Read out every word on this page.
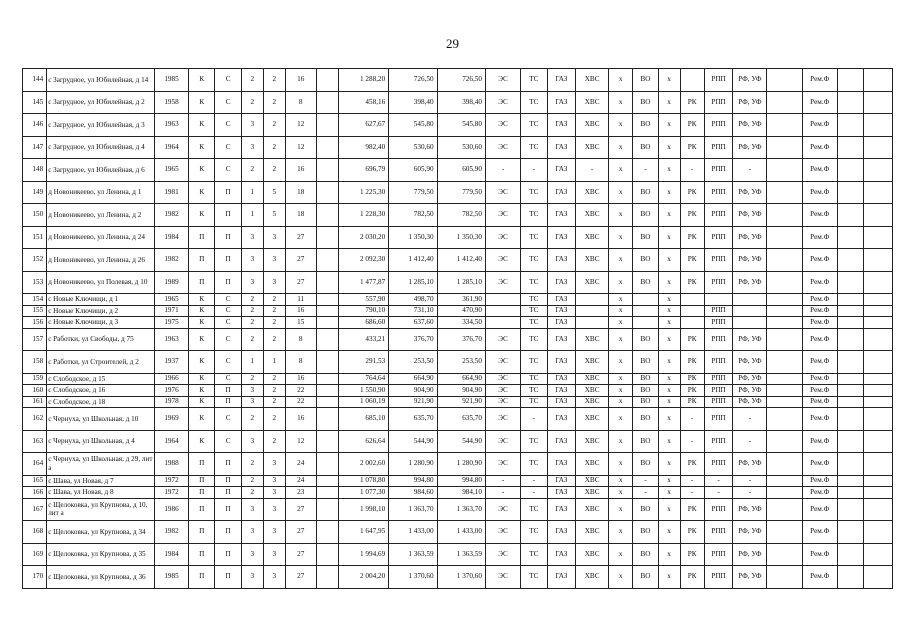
29
144	с Загрудное, ул Юбилейная, д 14	1985	К	С	2	2	16		1 288,20	726,50	726,50	ЭС	ТС	ГАЗ	ХВС	х	ВО	х		РПП	РФ, УФ		Рем.Ф		
145	с Загрудное, ул Юбилейная, д 2	1958	К	С	2	2	8		458,16	398,40	398,40	ЭС	ТС	ГАЗ	ХВС	х	ВО	х	РК	РПП	РФ, УФ		Рем.Ф		
146	с Загрудное, ул Юбилейная, д 3	1963	К	С	3	2	12		627,67	545,80	545,80	ЭС	ТС	ГАЗ	ХВС	х	ВО	х	РК	РПП	РФ, УФ		Рем.Ф		
147	с Загрудное, ул Юбилейная, д 4	1964	К	С	3	2	12		982,40	530,60	530,60	ЭС	ТС	ГАЗ	ХВС	х	ВО	х	РК	РПП	РФ, УФ		Рем.Ф		
148	с Загрудное, ул Юбилейная, д 6	1965	К	С	2	2	16		696,79	605,90	605,90	-	-	ГАЗ	-	х	-	х	-	РПП	-		Рем.Ф		
149	д Новоникеево, ул Ленина, д 1	1981	К	П	1	5	18		1 225,30	779,50	779,50	ЭС	ТС	ГАЗ	ХВС	х	ВО	х	РК	РПП	РФ, УФ		Рем.Ф		
150	д Новоникеево, ул Ленина, д 2	1982	К	П	1	5	18		1 228,30	782,50	782,50	ЭС	ТС	ГАЗ	ХВС	х	ВО	х	РК	РПП	РФ, УФ		Рем.Ф		
151	д Новоникеево, ул Ленина, д 24	1984	П	П	3	3	27		2 030,20	1 350,30	1 350,30	ЭС	ТС	ГАЗ	ХВС	х	ВО	х	РК	РПП	РФ, УФ		Рем.Ф		
152	д Новоникеево, ул Ленина, д 26	1982	П	П	3	3	27		2 092,30	1 412,40	1 412,40	ЭС	ТС	ГАЗ	ХВС	х	ВО	х	РК	РПП	РФ, УФ		Рем.Ф		
153	д Новоникеево, ул Полевая, д 10	1989	П	П	3	3	27		1 477,87	1 285,10	1 285,10	ЭС	ТС	ГАЗ	ХВС	х	ВО	х	РК	РПП	РФ, УФ		Рем.Ф		
154	с Новые Ключищи, д 1	1965	К	С	2	2	11		557,90	498,70	361,90		ТС	ГАЗ		х		х					Рем.Ф		
155	с Новые Ключищи, д 2	1971	К	С	2	2	16		790,10	731,10	470,90		ТС	ГАЗ		х		х		РПП			Рем.Ф		
156	с Новые Ключищи, д 3	1975	К	С	2	2	15		686,60	637,60	334,50		ТС	ГАЗ		х		х		РПП			Рем.Ф		
157	с Работки, ул Свободы, д 75	1963	К	С	2	2	8		433,21	376,70	376,70	ЭС	ТС	ГАЗ	ХВС	х	ВО	х	РК	РПП	РФ, УФ		Рем.Ф		
158	с Работки, ул Строителей, д 2	1937	К	С	1	1	8		291,53	253,50	253,50	ЭС	ТС	ГАЗ	ХВС	х	ВО	х	РК	РПП	РФ, УФ		Рем.Ф		
159	с Слободское, д 15	1966	К	С	2	2	16		764,64	664,90	664,90	ЭС	ТС	ГАЗ	ХВС	х	ВО	х	РК	РПП	РФ, УФ		Рем.Ф		
160	с Слободское, д 16	1976	К	П	3	2	22		1 550,90	904,90	904,90	ЭС	ТС	ГАЗ	ХВС	х	ВО	х	РК	РПП	РФ, УФ		Рем.Ф		
161	с Слободское, д 18	1978	К	П	3	2	22		1 060,19	921,90	921,90	ЭС	ТС	ГАЗ	ХВС	х	ВО	х	РК	РПП	РФ, УФ		Рем.Ф		
162	с Чернуха, ул Школьная, д 10	1969	К	С	2	2	16		685,10	635,70	635,70	ЭС	-	ГАЗ	ХВС	х	ВО	х	-	РПП	-		Рем.Ф		
163	с Чернуха, ул Школьная, д 4	1964	К	С	3	2	12		626,64	544,90	544,90	ЭС	ТС	ГАЗ	ХВС	х	ВО	х	-	РПП	-		Рем.Ф		
164	с Чернуха, ул Школьная, д 29, лит а	1988	П	П	2	3	24		2 002,60	1 280,90	1 280,90	ЭС	ТС	ГАЗ	ХВС	х	ВО	х	РК	РПП	РФ, УФ		Рем.Ф		
165	с Шава, ул Новая, д 7	1972	П	П	2	3	24		1 078,80	994,80	994,80	-	-	ГАЗ	ХВС	х	-	х	-	-	-		Рем.Ф		
166	с Шава, ул Новая, д 8	1972	П	П	2	3	23		1 077,30	984,60	984,10	-	-	ГАЗ	ХВС	х	-	х	-	-	-		Рем.Ф		
167	с Щелоковка, ул Крупнова, д 10, лит а	1986	П	П	3	3	27		1 998,10	1 363,70	1 363,70	ЭС	ТС	ГАЗ	ХВС	х	ВО	х	РК	РПП	РФ, УФ		Рем.Ф		
168	с Щелоковка, ул Крупнова, д 34	1982	П	П	3	3	27		1 647,95	1 433,00	1 433,00	ЭС	ТС	ГАЗ	ХВС	х	ВО	х	РК	РПП	РФ, УФ		Рем.Ф		
169	с Щелоковка, ул Крупнова, д 35	1984	П	П	3	3	27		1 994,69	1 363,59	1 363,59	ЭС	ТС	ГАЗ	ХВС	х	ВО	х	РК	РПП	РФ, УФ		Рем.Ф		
170	с Щелоковка, ул Крупнова, д 36	1985	П	П	3	3	27		2 004,20	1 370,60	1 370,60	ЭС	ТС	ГАЗ	ХВС	х	ВО	х	РК	РПП	РФ, УФ		Рем.Ф		
